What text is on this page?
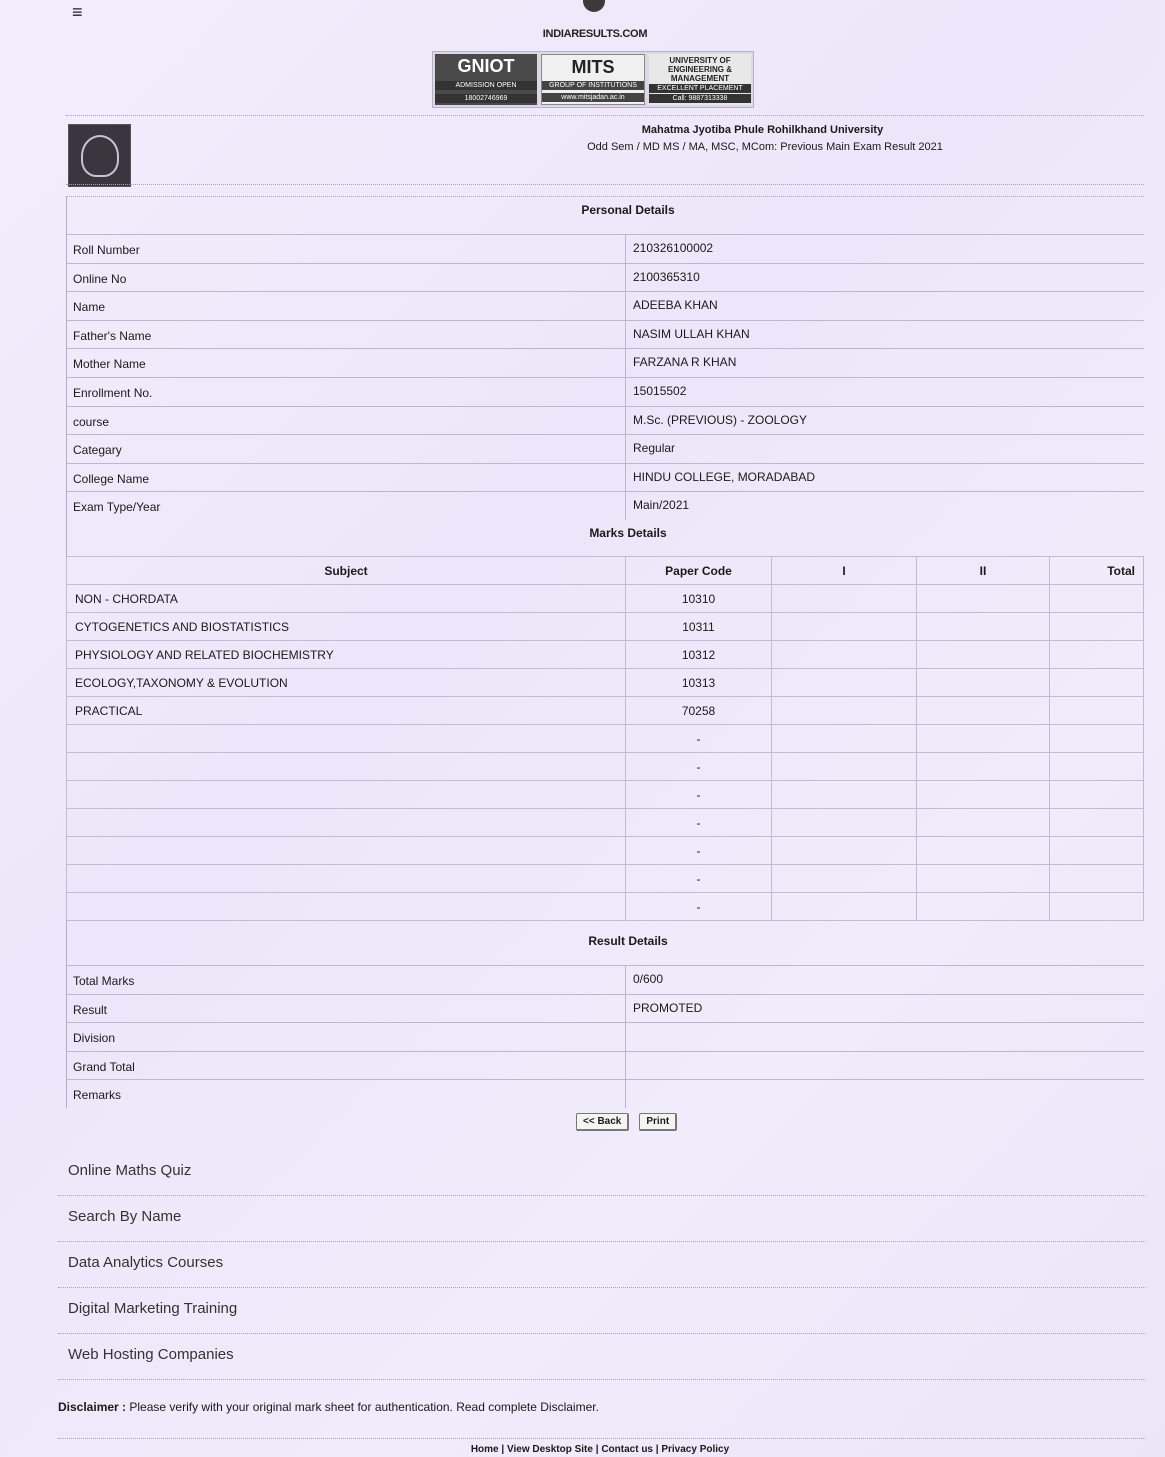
≡
INDIARESULTS.COM
GNIOT
ADMISSION OPEN
18002746969
MITS
GROUP OF INSTITUTIONS
www.mitsjadan.ac.in
UNIVERSITY OF ENGINEERING & MANAGEMENT
EXCELLENT PLACEMENT
Call: 9887313338
Mahatma Jyotiba Phule Rohilkhand University
Odd Sem / MD MS / MA, MSC, MCom: Previous Main Exam Result 2021
Personal Details
Roll Number	210326100002
Online No	2100365310
Name	ADEEBA KHAN
Father's Name	NASIM ULLAH KHAN
Mother Name	FARZANA R KHAN
Enrollment No.	15015502
course	M.Sc. (PREVIOUS) - ZOOLOGY
Categary	Regular
College Name	HINDU COLLEGE, MORADABAD
Exam Type/Year	Main/2021
Marks Details
Subject	Paper Code	I	II	Total
NON - CHORDATA	10310			
CYTOGENETICS AND BIOSTATISTICS	10311			
PHYSIOLOGY AND RELATED BIOCHEMISTRY	10312			
ECOLOGY,TAXONOMY & EVOLUTION	10313			
PRACTICAL	70258			
	-			
	-			
	-			
	-			
	-			
	-			
	-			
Result Details
Total Marks	0/600
Result	PROMOTED
Division
Grand Total
Remarks
<< Back	Print
Online Maths Quiz
Search By Name
Data Analytics Courses
Digital Marketing Training
Web Hosting Companies
Disclaimer : Please verify with your original mark sheet for authentication. Read complete Disclaimer.
Home | View Desktop Site | Contact us | Privacy Policy
